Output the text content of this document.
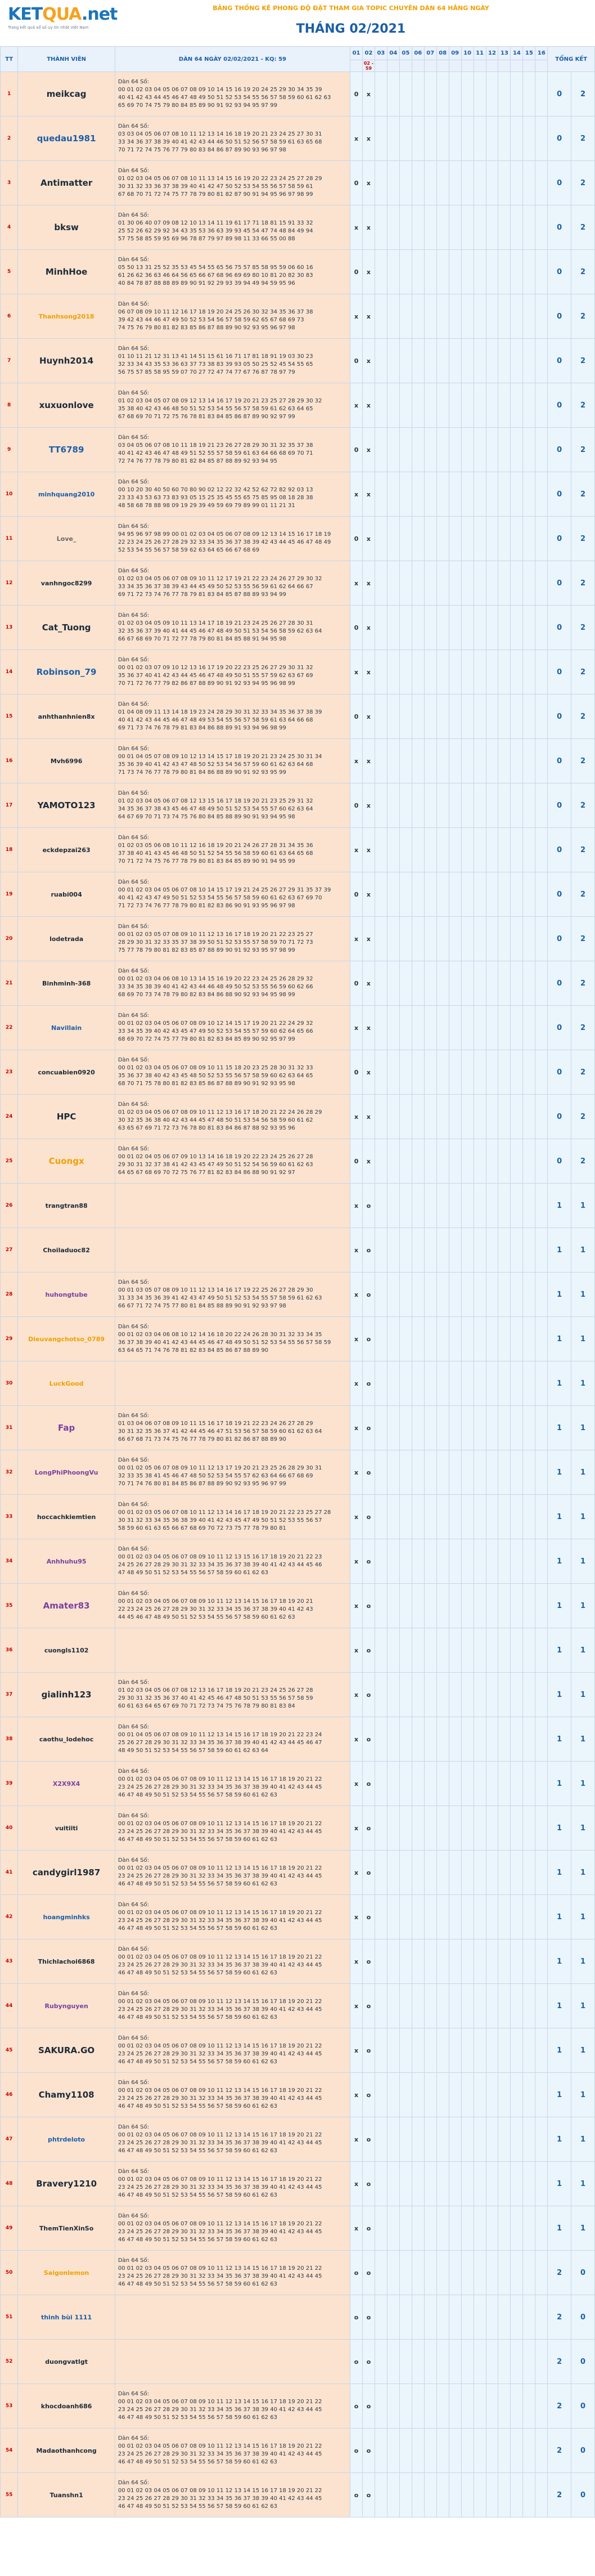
KETQUA.net
Trang kết quả xổ số uy tín nhất Việt Nam
BẢNG THỐNG KÊ PHONG ĐỘ ĐẶT THAM GIA TOPIC CHUYÊN DÀN 64 HẰNG NGÀY
THÁNG 02/2021
TT	THÀNH VIÊN	DÀN 64 NGÀY 02/02/2021 - KQ: 59	01	02	03	04	05	06	07	08	09	10	11	12	13	14	15	16	TỔNG KẾT	
				02 - 59																
1	meikcag	Dàn 64 Số:
00 01 02 03 04 05 06 07 08 09 10 14 15 16 19 20 24 25 29 30 34 35 39
40 41 42 43 44 45 46 47 48 49 50 51 52 53 54 55 56 57 58 59 60 61 62 63
65 69 70 74 75 79 80 84 85 89 90 91 92 93 94 95 97 99	0	x															0	2
2	quedau1981	Dàn 64 Số:
03 03 04 05 06 07 08 10 11 12 13 14 16 18 19 20 21 23 24 25 27 30 31
33 34 36 37 38 39 40 41 42 43 44 46 50 51 52 56 57 58 59 61 63 65 68
70 71 72 74 75 76 77 79 80 83 84 86 87 89 90 93 96 97 98	x	x															0	2
3	Antimatter	Dàn 64 Số:
01 02 03 04 05 06 07 08 10 11 13 14 15 16 19 20 22 23 24 25 27 28 29
30 31 32 33 36 37 38 39 40 41 42 47 50 52 53 54 55 56 57 58 59 61
67 68 70 71 72 74 75 77 78 79 80 81 82 87 90 91 94 95 96 97 98 99	0	x															0	2
4	bksw	Dàn 64 Số:
01 30 06 40 07 09 08 12 10 13 14 11 19 61 17 71 18 81 15 91 33 32
25 52 26 62 29 92 34 43 35 53 36 63 39 93 45 54 47 74 48 84 49 94
57 75 58 85 59 95 69 96 78 87 79 97 89 98 11 33 66 55 00 88	x	x															0	2
5	MinhHoe	Dàn 64 Số:
05 50 13 31 25 52 35 53 45 54 55 65 56 75 57 85 58 95 59 06 60 16
61 26 62 36 63 46 64 56 65 66 67 68 96 69 69 80 10 81 20 82 30 83
40 84 78 87 88 88 89 89 90 91 92 29 93 39 94 49 94 59 95 96	0	x															0	2
6	Thanhsong2018	Dàn 64 Số:
06 07 08 09 10 11 12 16 17 18 19 20 24 25 26 30 32 34 35 36 37 38
39 42 43 44 46 47 49 50 52 53 54 56 57 58 59 62 65 67 68 69 73
74 75 76 79 80 81 82 83 85 86 87 88 89 90 92 93 95 96 97 98	x	x															0	2
7	Huynh2014	Dàn 64 Số:
01 10 11 21 12 31 13 41 14 51 15 61 16 71 17 81 18 91 19 03 30 23
32 33 34 43 35 53 36 63 37 73 38 83 39 93 05 50 25 52 45 54 55 65
56 75 57 85 58 95 59 07 70 27 72 47 74 77 67 76 87 78 97 79	0	x															0	2
8	xuxuonlove	Dàn 64 Số:
01 02 03 04 05 07 08 09 12 13 14 16 17 19 20 21 23 25 27 28 29 30 32
35 38 40 42 43 46 48 50 51 52 53 54 55 56 57 58 59 61 62 63 64 65
67 68 69 70 71 72 75 76 78 81 83 84 85 86 87 89 90 92 97 99	x	x															0	2
9	TT6789	Dàn 64 Số:
03 04 05 06 07 08 10 11 18 19 21 23 26 27 28 29 30 31 32 35 37 38
40 41 42 43 46 47 48 49 51 52 55 57 58 59 61 63 64 66 68 69 70 71
72 74 76 77 78 79 80 81 82 84 85 87 88 89 92 93 94 95	0	x															0	2
10	minhquang2010	Dàn 64 Số:
00 10 20 30 40 50 60 70 80 90 02 12 22 32 42 52 62 72 82 92 03 13
23 33 43 53 63 73 83 93 05 15 25 35 45 55 65 75 85 95 08 18 28 38
48 58 68 78 88 98 09 19 29 39 49 59 69 79 89 99 01 11 21 31	x	x															0	2
11	Love_	Dàn 64 Số:
94 95 96 97 98 99 00 01 02 03 04 05 06 07 08 09 12 13 14 15 16 17 18 19
22 23 24 25 26 27 28 29 32 33 34 35 36 37 38 39 42 43 44 45 46 47 48 49
52 53 54 55 56 57 58 59 62 63 64 65 66 67 68 69	0	x															0	2
12	vanhngoc8299	Dàn 64 Số:
01 02 03 04 05 06 07 08 09 10 11 12 17 19 21 22 23 24 26 27 29 30 32
33 34 35 36 37 38 39 43 44 45 49 50 52 53 55 56 59 61 62 64 66 67
69 71 72 73 74 76 77 78 79 81 83 84 85 87 88 89 93 94 99	x	x															0	2
13	Cat_Tuong	Dàn 64 Số:
01 02 03 04 05 09 10 11 13 14 17 18 19 21 23 24 25 26 27 28 30 31
32 35 36 37 39 40 41 44 45 46 47 48 49 50 51 53 54 56 58 59 62 63 64
66 67 68 69 70 71 72 77 78 79 80 81 84 85 88 91 94 95 98	0	x															0	2
14	Robinson_79	Dàn 64 Số:
00 01 02 03 07 09 10 12 13 16 17 19 20 22 23 25 26 27 29 30 31 32
35 36 37 40 41 42 43 44 45 46 47 48 49 50 51 55 57 59 62 63 67 69
70 71 72 76 77 79 82 86 87 88 89 90 91 92 93 94 95 96 98 99	x	x															0	2
15	anhthanhnien8x	Dàn 64 Số:
01 04 08 09 11 13 14 18 19 23 24 28 29 30 31 32 33 34 35 36 37 38 39
40 41 42 43 44 45 46 47 48 49 53 54 55 56 57 58 59 61 63 64 66 68
69 71 73 74 76 78 79 81 83 84 86 88 89 91 93 94 96 98 99	0	x															0	2
16	Mvh6996	Dàn 64 Số:
00 01 04 05 07 08 09 10 12 13 14 15 17 18 19 20 21 23 24 25 30 31 34
35 36 39 40 41 42 43 47 48 50 52 53 54 56 57 59 60 61 62 63 64 68
71 73 74 76 77 78 79 80 81 84 86 88 89 90 91 92 93 95 99	x	x															0	2
17	YAMOTO123	Dàn 64 Số:
01 02 03 04 05 06 07 08 12 13 15 16 17 18 19 20 21 23 25 29 31 32
34 35 36 37 38 43 45 46 47 48 49 50 51 52 53 54 55 57 60 62 63 64
64 67 69 70 71 73 74 75 76 80 84 85 88 89 90 91 93 94 95 98	0	x															0	2
18	eckdepzai263	Dàn 64 Số:
01 02 03 05 06 08 10 11 12 16 18 19 20 21 24 26 27 28 31 34 35 36
37 38 40 41 43 45 46 48 50 51 52 54 55 56 58 59 60 61 63 64 65 68
70 71 72 74 75 76 77 78 79 80 81 83 84 85 89 90 91 94 95 99	x	x															0	2
19	ruabi004	Dàn 64 Số:
00 01 02 03 04 05 06 07 08 10 14 15 17 19 21 24 25 26 27 29 31 35 37 39
40 41 42 43 47 49 50 51 52 53 54 55 56 57 58 59 60 61 62 63 67 69 70
71 72 73 74 76 77 78 79 80 81 82 83 86 90 91 93 95 96 97 98	0	x															0	2
20	lodetrada	Dàn 64 Số:
00 01 02 03 05 07 08 09 10 11 12 13 16 17 18 19 20 21 22 23 25 27
28 29 30 31 32 33 35 37 38 39 50 51 52 53 55 57 58 59 70 71 72 73
75 77 78 79 80 81 82 83 85 87 88 89 90 91 92 93 95 97 98 99	x	x															0	2
21	Binhminh-368	Dàn 64 Số:
00 01 02 03 04 06 08 10 13 14 15 16 19 20 22 23 24 25 26 28 29 32
33 34 35 38 39 40 41 42 43 44 46 48 49 50 52 53 55 56 59 60 62 66
68 69 70 73 74 78 79 80 82 83 84 86 88 90 92 93 94 95 98 99	0	x															0	2
22	Navillain	Dàn 64 Số:
00 01 02 03 04 05 06 07 08 09 10 12 14 15 17 19 20 21 22 24 29 32
33 34 35 39 40 42 43 45 47 49 50 52 53 54 55 57 59 60 62 64 65 66
68 69 70 72 74 75 77 79 80 81 82 83 84 85 89 90 92 95 97 99	x	x															0	2
23	concuabien0920	Dàn 64 Số:
00 01 02 03 04 05 06 07 08 09 10 11 15 18 20 23 25 28 30 31 32 33
35 36 37 38 40 42 43 45 48 50 52 53 55 56 57 58 59 60 62 63 64 65
68 70 71 75 78 80 81 82 83 85 86 87 88 89 90 91 92 93 95 98	0	x															0	2
24	HPC	Dàn 64 Số:
01 02 03 04 05 06 07 08 09 10 11 12 13 16 17 18 20 21 22 24 26 28 29
30 32 35 36 38 40 42 43 44 45 47 48 50 51 53 54 56 58 59 60 61 62
63 65 67 69 71 72 73 76 78 80 81 83 84 86 87 88 92 93 95 96	x	x															0	2
25	Cuongx	Dàn 64 Số:
00 01 02 04 05 06 07 09 10 13 14 16 18 19 20 22 23 24 25 26 27 28
29 30 31 32 37 38 41 42 43 45 47 49 50 51 52 54 56 59 60 61 62 63
64 65 67 68 69 70 72 75 76 77 81 82 83 84 86 88 90 91 92 97	0	x															0	2
26	trangtran88		x	o															1	1
27	Choiladuoc82		x	o															1	1
28	huhongtube	Dàn 64 Số:
00 01 03 05 07 08 09 10 11 12 13 14 16 17 19 22 25 26 27 28 29 30
31 33 34 35 36 39 41 42 43 47 49 50 51 52 53 54 55 57 58 59 61 62 63
66 67 71 72 74 75 77 80 81 84 85 88 89 90 91 92 93 97 98	x	o															1	1
29	Dieuvangchotso_0789	Dàn 64 Số:
00 01 02 03 04 06 08 10 12 14 16 18 20 22 24 26 28 30 31 32 33 34 35
36 37 38 39 40 41 42 43 44 45 46 47 48 49 50 51 52 53 54 55 56 57 58 59
63 64 65 71 74 76 78 81 82 83 84 85 86 87 88 89 90	x	o															1	1
30	LuckGood		x	o															1	1
31	Fap	Dàn 64 Số:
01 03 04 06 07 08 09 10 11 15 16 17 18 19 21 22 23 24 26 27 28 29
30 31 32 35 36 37 41 42 44 45 46 47 51 53 56 57 58 59 60 61 62 63 64
66 67 68 71 73 74 75 76 77 78 79 80 81 82 86 87 88 89 90	x	o															1	1
32	LongPhiPhoongVu	Dàn 64 Số:
00 01 02 05 06 07 08 09 10 11 12 13 17 19 20 21 23 25 26 28 29 30 31
32 33 35 38 41 45 46 47 48 50 52 53 54 55 57 62 63 64 66 67 68 69
70 71 74 76 80 81 84 85 86 87 88 89 90 92 93 95 96 97 99	x	o															1	1
33	hoccachkiemtien	Dàn 64 Số:
00 01 02 03 05 06 07 08 10 11 12 13 14 16 17 18 19 20 21 22 23 25 27 28
30 31 32 33 34 35 36 38 39 40 41 42 43 45 47 49 50 51 52 53 55 56 57
58 59 60 61 63 65 66 67 68 69 70 72 73 75 77 78 79 80 81	x	o															1	1
34	Anhhuhu95	Dàn 64 Số:
00 01 02 03 04 05 06 07 08 09 10 11 12 13 15 16 17 18 19 20 21 22 23
24 25 26 27 28 29 30 31 32 33 34 35 36 37 38 39 40 41 42 43 44 45 46
47 48 49 50 51 52 53 54 55 56 57 58 59 60 61 62 63	x	o															1	1
35	Amater83	Dàn 64 Số:
00 01 02 03 04 05 06 07 08 09 10 11 12 13 14 15 16 17 18 19 20 21
22 23 24 25 26 27 28 29 30 31 32 33 34 35 36 37 38 39 40 41 42 43
44 45 46 47 48 49 50 51 52 53 54 55 56 57 58 59 60 61 62 63	x	o															1	1
36	cuongls1102		x	o															1	1
37	gialinh123	Dàn 64 Số:
01 02 03 04 05 06 07 08 12 13 16 17 18 19 20 21 23 24 25 26 27 28
29 30 31 32 35 36 37 40 41 42 45 46 47 48 50 51 53 55 56 57 58 59
60 61 63 64 65 67 69 70 71 72 73 74 75 76 78 79 80 81 83 84	x	o															1	1
38	caothu_lodehoc	Dàn 64 Số:
00 01 04 05 06 07 08 09 10 11 12 13 14 15 16 17 18 19 20 21 22 23 24
25 26 27 28 29 30 31 32 33 34 35 36 37 38 39 40 41 42 43 44 45 46 47
48 49 50 51 52 53 54 55 56 57 58 59 60 61 62 63 64	x	o															1	1
39	X2X9X4	Dàn 64 Số:
00 01 02 03 04 05 06 07 08 09 10 11 12 13 14 15 16 17 18 19 20 21 22
23 24 25 26 27 28 29 30 31 32 33 34 35 36 37 38 39 40 41 42 43 44 45
46 47 48 49 50 51 52 53 54 55 56 57 58 59 60 61 62 63	x	o															1	1
40	vuitiiti	Dàn 64 Số:
00 01 02 03 04 05 06 07 08 09 10 11 12 13 14 15 16 17 18 19 20 21 22
23 24 25 26 27 28 29 30 31 32 33 34 35 36 37 38 39 40 41 42 43 44 45
46 47 48 49 50 51 52 53 54 55 56 57 58 59 60 61 62 63	x	o															1	1
41	candygirl1987	Dàn 64 Số:
00 01 02 03 04 05 06 07 08 09 10 11 12 13 14 15 16 17 18 19 20 21 22
23 24 25 26 27 28 29 30 31 32 33 34 35 36 37 38 39 40 41 42 43 44 45
46 47 48 49 50 51 52 53 54 55 56 57 58 59 60 61 62 63	x	o															1	1
42	hoangminhks	Dàn 64 Số:
00 01 02 03 04 05 06 07 08 09 10 11 12 13 14 15 16 17 18 19 20 21 22
23 24 25 26 27 28 29 30 31 32 33 34 35 36 37 38 39 40 41 42 43 44 45
46 47 48 49 50 51 52 53 54 55 56 57 58 59 60 61 62 63	x	o															1	1
43	Thichlachoi6868	Dàn 64 Số:
00 01 02 03 04 05 06 07 08 09 10 11 12 13 14 15 16 17 18 19 20 21 22
23 24 25 26 27 28 29 30 31 32 33 34 35 36 37 38 39 40 41 42 43 44 45
46 47 48 49 50 51 52 53 54 55 56 57 58 59 60 61 62 63	x	o															1	1
44	Rubynguyen	Dàn 64 Số:
00 01 02 03 04 05 06 07 08 09 10 11 12 13 14 15 16 17 18 19 20 21 22
23 24 25 26 27 28 29 30 31 32 33 34 35 36 37 38 39 40 41 42 43 44 45
46 47 48 49 50 51 52 53 54 55 56 57 58 59 60 61 62 63	x	o															1	1
45	SAKURA.GO	Dàn 64 Số:
00 01 02 03 04 05 06 07 08 09 10 11 12 13 14 15 16 17 18 19 20 21 22
23 24 25 26 27 28 29 30 31 32 33 34 35 36 37 38 39 40 41 42 43 44 45
46 47 48 49 50 51 52 53 54 55 56 57 58 59 60 61 62 63	x	o															1	1
46	Chamy1108	Dàn 64 Số:
00 01 02 03 04 05 06 07 08 09 10 11 12 13 14 15 16 17 18 19 20 21 22
23 24 25 26 27 28 29 30 31 32 33 34 35 36 37 38 39 40 41 42 43 44 45
46 47 48 49 50 51 52 53 54 55 56 57 58 59 60 61 62 63	x	o															1	1
47	phtrdeloto	Dàn 64 Số:
00 01 02 03 04 05 06 07 08 09 10 11 12 13 14 15 16 17 18 19 20 21 22
23 24 25 26 27 28 29 30 31 32 33 34 35 36 37 38 39 40 41 42 43 44 45
46 47 48 49 50 51 52 53 54 55 56 57 58 59 60 61 62 63	x	o															1	1
48	Bravery1210	Dàn 64 Số:
00 01 02 03 04 05 06 07 08 09 10 11 12 13 14 15 16 17 18 19 20 21 22
23 24 25 26 27 28 29 30 31 32 33 34 35 36 37 38 39 40 41 42 43 44 45
46 47 48 49 50 51 52 53 54 55 56 57 58 59 60 61 62 63	x	o															1	1
49	ThemTienXinSo	Dàn 64 Số:
00 01 02 03 04 05 06 07 08 09 10 11 12 13 14 15 16 17 18 19 20 21 22
23 24 25 26 27 28 29 30 31 32 33 34 35 36 37 38 39 40 41 42 43 44 45
46 47 48 49 50 51 52 53 54 55 56 57 58 59 60 61 62 63	x	o															1	1
50	Saigonlemon	Dàn 64 Số:
00 01 02 03 04 05 06 07 08 09 10 11 12 13 14 15 16 17 18 19 20 21 22
23 24 25 26 27 28 29 30 31 32 33 34 35 36 37 38 39 40 41 42 43 44 45
46 47 48 49 50 51 52 53 54 55 56 57 58 59 60 61 62 63	o	o															2	0
51	thinh bùi 1111		o	o															2	0
52	duongvatlgt		o	o															2	0
53	khocdoanh686	Dàn 64 Số:
00 01 02 03 04 05 06 07 08 09 10 11 12 13 14 15 16 17 18 19 20 21 22
23 24 25 26 27 28 29 30 31 32 33 34 35 36 37 38 39 40 41 42 43 44 45
46 47 48 49 50 51 52 53 54 55 56 57 58 59 60 61 62 63	o	o															2	0
54	Madaothanhcong	Dàn 64 Số:
00 01 02 03 04 05 06 07 08 09 10 11 12 13 14 15 16 17 18 19 20 21 22
23 24 25 26 27 28 29 30 31 32 33 34 35 36 37 38 39 40 41 42 43 44 45
46 47 48 49 50 51 52 53 54 55 56 57 58 59 60 61 62 63	o	o															2	0
55	Tuanshn1	Dàn 64 Số:
00 01 02 03 04 05 06 07 08 09 10 11 12 13 14 15 16 17 18 19 20 21 22
23 24 25 26 27 28 29 30 31 32 33 34 35 36 37 38 39 40 41 42 43 44 45
46 47 48 49 50 51 52 53 54 55 56 57 58 59 60 61 62 63	o	o															2	0
